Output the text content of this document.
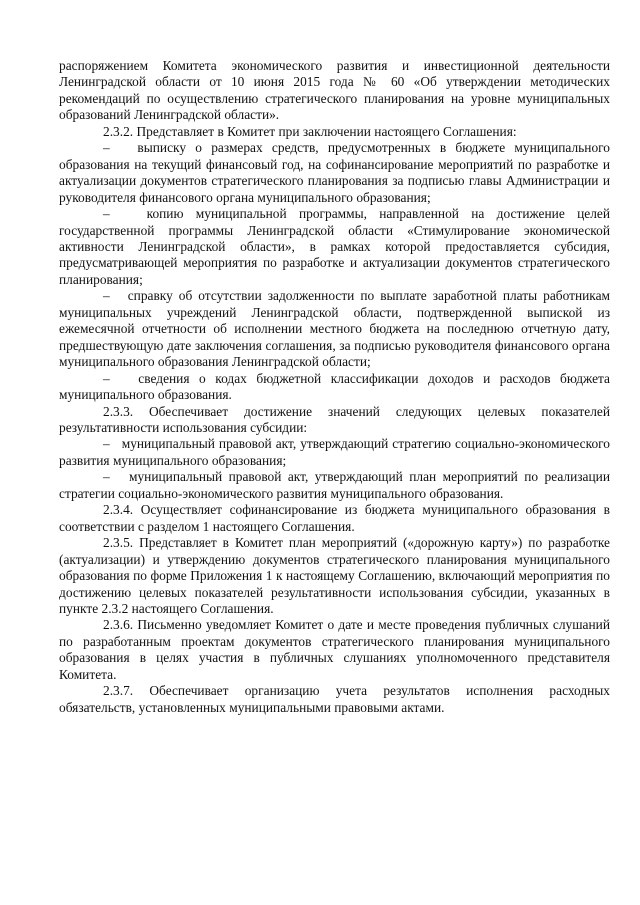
распоряжением Комитета экономического развития и инвестиционной деятельности Ленинградской области от 10 июня 2015 года № 60 «Об утверждении методических рекомендаций по осуществлению стратегического планирования на уровне муниципальных образований Ленинградской области».

2.3.2. Представляет в Комитет при заключении настоящего Соглашения:

–   выписку о размерах средств, предусмотренных в бюджете муниципального образования на текущий финансовый год, на софинансирование мероприятий по разработке и актуализации документов стратегического планирования за подписью главы Администрации и руководителя финансового органа муниципального образования;

–   копию муниципальной программы, направленной на достижение целей государственной программы Ленинградской области «Стимулирование экономической активности Ленинградской области», в рамках которой предоставляется субсидия, предусматривающей мероприятия по разработке и актуализации документов стратегического планирования;

–   справку об отсутствии задолженности по выплате заработной платы работникам муниципальных учреждений Ленинградской области, подтвержденной выпиской из ежемесячной отчетности об исполнении местного бюджета на последнюю отчетную дату, предшествующую дате заключения соглашения, за подписью руководителя финансового органа муниципального образования Ленинградской области;

–   сведения о кодах бюджетной классификации доходов и расходов бюджета муниципального образования.

2.3.3. Обеспечивает достижение значений следующих целевых показателей результативности использования субсидии:

–   муниципальный правовой акт, утверждающий стратегию социально-экономического развития муниципального образования;

–   муниципальный правовой акт, утверждающий план мероприятий по реализации стратегии социально-экономического развития муниципального образования.

2.3.4. Осуществляет софинансирование из бюджета муниципального образования в соответствии с разделом 1 настоящего Соглашения.

2.3.5. Представляет в Комитет план мероприятий («дорожную карту») по разработке (актуализации) и утверждению документов стратегического планирования муниципального образования по форме Приложения 1 к настоящему Соглашению, включающий мероприятия по достижению целевых показателей результативности использования субсидии, указанных в пункте 2.3.2 настоящего Соглашения.

2.3.6. Письменно уведомляет Комитет о дате и месте проведения публичных слушаний по разработанным проектам документов стратегического планирования муниципального образования в целях участия в публичных слушаниях уполномоченного представителя Комитета.

2.3.7. Обеспечивает организацию учета результатов исполнения расходных обязательств, установленных муниципальными правовыми актами.
